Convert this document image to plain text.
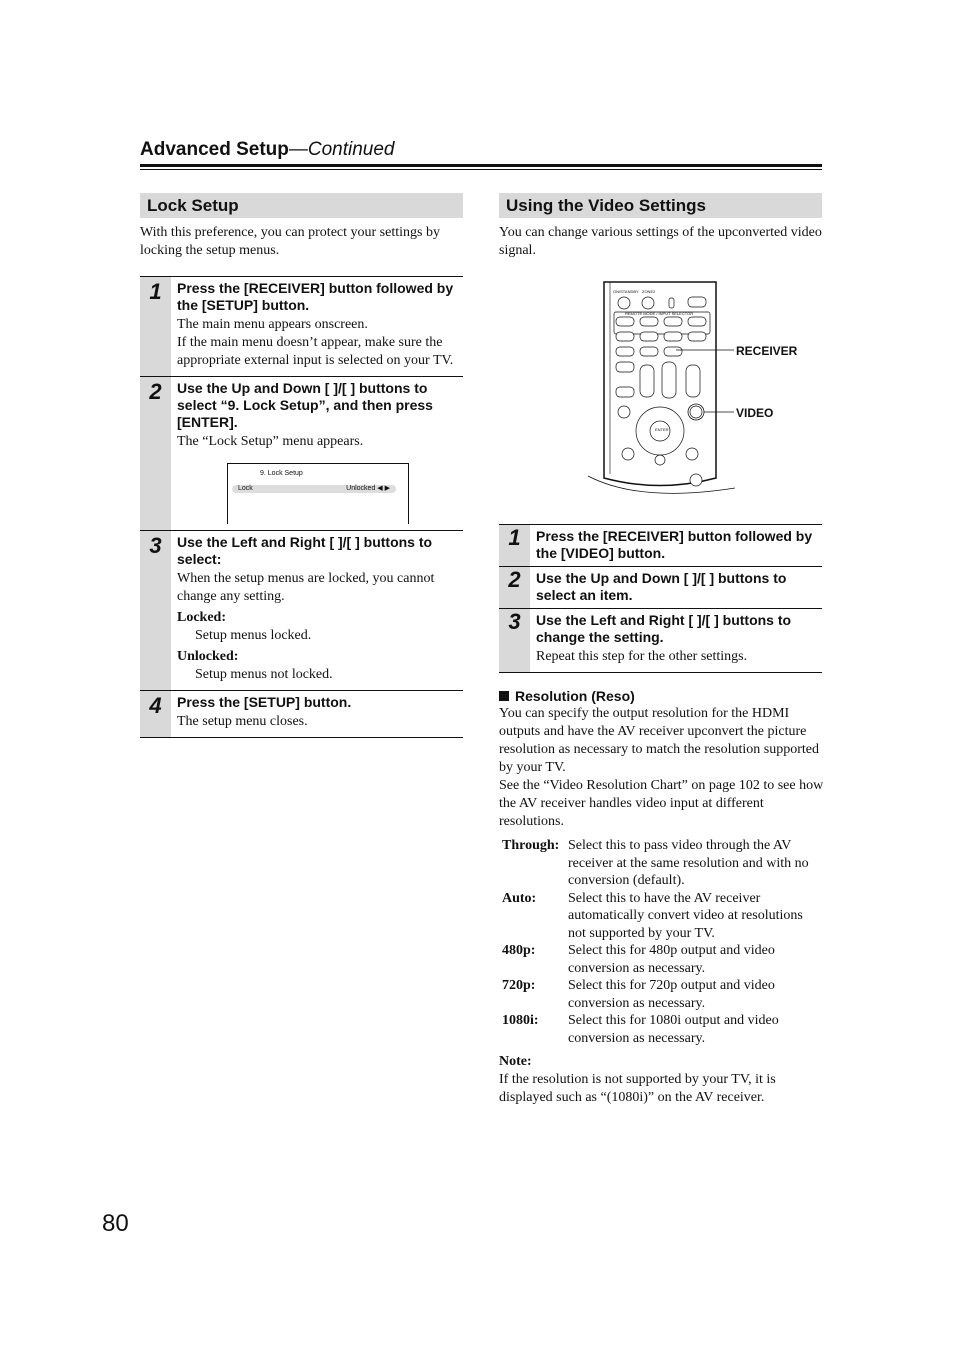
Advanced Setup—Continued
Lock Setup
With this preference, you can protect your settings by locking the setup menus.
1	Press the [RECEIVER] button followed by the [SETUP] button.

The main menu appears onscreen.

If the main menu doesn’t appear, make sure the appropriate external input is selected on your TV.

2	Use the Up and Down [ ]/[ ] buttons to select “9. Lock Setup”, and then press [ENTER].

The “Lock Setup” menu appears.

9. Lock Setup
Lock	Unlocked ◀ ▶
3	Use the Left and Right [ ]/[ ] buttons to select:

When the setup menus are locked, you cannot change any setting.

Locked:

Setup menus locked.

Unlocked:

Setup menus not locked.

4	Press the [SETUP] button.

The setup menu closes.

Using the Video Settings
You can change various settings of the upconverted video signal.
ON/STANDBY ZONE2
REMOTE MODE / INPUT SELECTOR
ENTER
RECEIVER
VIDEO
1	Press the [RECEIVER] button followed by the [VIDEO] button.
2	Use the Up and Down [ ]/[ ] buttons to select an item.
3	Use the Left and Right [ ]/[ ] buttons to change the setting.

Repeat this step for the other settings.

Resolution (Reso)
You can specify the output resolution for the HDMI outputs and have the AV receiver upconvert the picture resolution as necessary to match the resolution supported by your TV.
See the “Video Resolution Chart” on page 102 to see how the AV receiver handles video input at different resolutions.
Through: Select this to pass video through the AV receiver at the same resolution and with no conversion (default).
Auto:	Select this to have the AV receiver automatically convert video at resolutions not supported by your TV.
480p:	Select this for 480p output and video conversion as necessary.
720p:	Select this for 720p output and video conversion as necessary.
1080i:	Select this for 1080i output and video conversion as necessary.
Note:
If the resolution is not supported by your TV, it is displayed such as “(1080i)” on the AV receiver.
80
